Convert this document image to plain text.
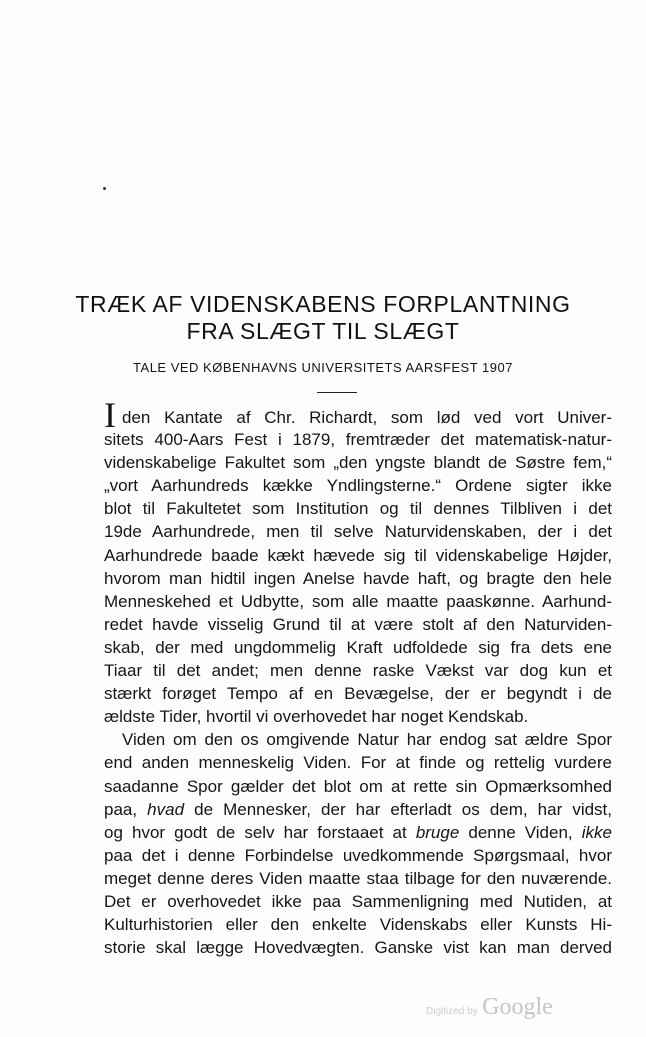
TRÆK AF VIDENSKABENS FORPLANTNING
FRA SLÆGT TIL SLÆGT
TALE VED KØBENHAVNS UNIVERSITETS AARSFEST 1907
Iden Kantate af Chr. Richardt, som lød ved vort Univer-
sitets 400-Aars Fest i 1879, fremtræder det matematisk-natur-
videnskabelige Fakultet som „den yngste blandt de Søstre fem,“
„vort Aarhundreds kække Yndlingsterne.“ Ordene sigter ikke
blot til Fakultetet som Institution og til dennes Tilbliven i det
19de Aarhundrede, men til selve Naturvidenskaben, der i det
Aarhundrede baade kækt hævede sig til videnskabelige Højder,
hvorom man hidtil ingen Anelse havde haft, og bragte den hele
Menneskehed et Udbytte, som alle maatte paaskønne. Aarhund-
redet havde visselig Grund til at være stolt af den Naturviden-
skab, der med ungdommelig Kraft udfoldede sig fra dets ene
Tiaar til det andet; men denne raske Vækst var dog kun et
stærkt forøget Tempo af en Bevægelse, der er begyndt i de
ældste Tider, hvortil vi overhovedet har noget Kendskab.
Viden om den os omgivende Natur har endog sat ældre Spor
end anden menneskelig Viden. For at finde og rettelig vurdere
saadanne Spor gælder det blot om at rette sin Opmærksomhed
paa, hvad de Mennesker, der har efterladt os dem, har vidst,
og hvor godt de selv har forstaaet at bruge denne Viden, ikke
paa det i denne Forbindelse uvedkommende Spørgsmaal, hvor
meget denne deres Viden maatte staa tilbage for den nuværende.
Det er overhovedet ikke paa Sammenligning med Nutiden, at
Kulturhistorien eller den enkelte Videnskabs eller Kunsts Hi-
storie skal lægge Hovedvægten. Ganske vist kan man derved
Digitized by Google
